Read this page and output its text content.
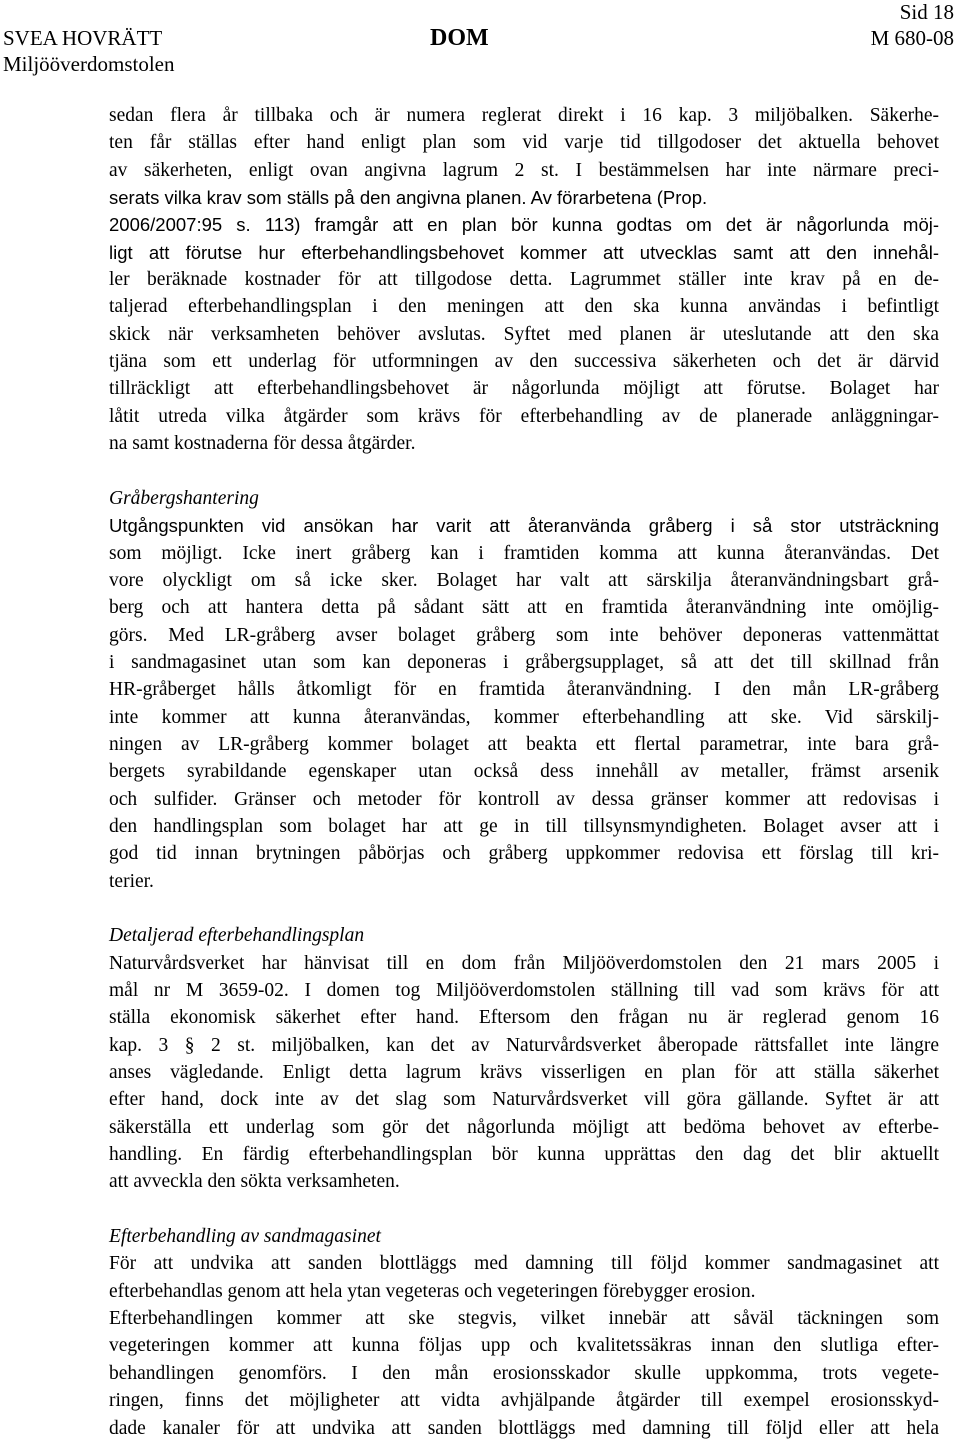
Sid 18
SVEA HOVRÄTT
Miljööverdomstolen
DOM	M 680-08
sedan flera år tillbaka och är numera reglerat direkt i 16 kap. 3 miljöbalken. Säkerhe-
ten får ställas efter hand enligt plan som vid varje tid tillgodoser det aktuella behovet
av säkerheten, enligt ovan angivna lagrum 2 st. I bestämmelsen har inte närmare preci-
serats vilka krav som ställs på den angivna planen. Av förarbetena (Prop.
2006/2007:95 s. 113) framgår att en plan bör kunna godtas om det är någorlunda möj-
ligt att förutse hur efterbehandlingsbehovet kommer att utvecklas samt att den innehål-
ler beräknade kostnader för att tillgodose detta. Lagrummet ställer inte krav på en de-
taljerad efterbehandlingsplan i den meningen att den ska kunna användas i befintligt
skick när verksamheten behöver avslutas. Syftet med planen är uteslutande att den ska
tjäna som ett underlag för utformningen av den successiva säkerheten och det är därvid
tillräckligt att efterbehandlingsbehovet är någorlunda möjligt att förutse. Bolaget har
låtit utreda vilka åtgärder som krävs för efterbehandling av de planerade anläggningar-
na samt kostnaderna för dessa åtgärder.
Gråbergshantering
Utgångspunkten vid ansökan har varit att återanvända gråberg i så stor utsträckning
som möjligt. Icke inert gråberg kan i framtiden komma att kunna återanvändas. Det
vore olyckligt om så icke sker. Bolaget har valt att särskilja återanvändningsbart grå-
berg och att hantera detta på sådant sätt att en framtida återanvändning inte omöjlig-
görs. Med LR-gråberg avser bolaget gråberg som inte behöver deponeras vattenmättat
i sandmagasinet utan som kan deponeras i gråbergsupplaget, så att det till skillnad från
HR-gråberget hålls åtkomligt för en framtida återanvändning. I den mån LR-gråberg
inte kommer att kunna återanvändas, kommer efterbehandling att ske. Vid särskilj-
ningen av LR-gråberg kommer bolaget att beakta ett flertal parametrar, inte bara grå-
bergets syrabildande egenskaper utan också dess innehåll av metaller, främst arsenik
och sulfider. Gränser och metoder för kontroll av dessa gränser kommer att redovisas i
den handlingsplan som bolaget har att ge in till tillsynsmyndigheten. Bolaget avser att i
god tid innan brytningen påbörjas och gråberg uppkommer redovisa ett förslag till kri-
terier.
Detaljerad efterbehandlingsplan
Naturvårdsverket har hänvisat till en dom från Miljööverdomstolen den 21 mars 2005 i
mål nr M 3659-02. I domen tog Miljööverdomstolen ställning till vad som krävs för att
ställa ekonomisk säkerhet efter hand. Eftersom den frågan nu är reglerad genom 16
kap. 3 § 2 st. miljöbalken, kan det av Naturvårdsverket åberopade rättsfallet inte längre
anses vägledande. Enligt detta lagrum krävs visserligen en plan för att ställa säkerhet
efter hand, dock inte av det slag som Naturvårdsverket vill göra gällande. Syftet är att
säkerställa ett underlag som gör det någorlunda möjligt att bedöma behovet av efterbe-
handling. En färdig efterbehandlingsplan bör kunna upprättas den dag det blir aktuellt
att avveckla den sökta verksamheten.
Efterbehandling av sandmagasinet
För att undvika att sanden blottläggs med damning till följd kommer sandmagasinet att
efterbehandlas genom att hela ytan vegeteras och vegeteringen förebygger erosion.
Efterbehandlingen kommer att ske stegvis, vilket innebär att såväl täckningen som
vegeteringen kommer att kunna följas upp och kvalitetssäkras innan den slutliga efter-
behandlingen genomförs. I den mån erosionsskador skulle uppkomma, trots vegete-
ringen, finns det möjligheter att vidta avhjälpande åtgärder till exempel erosionsskyd-
dade kanaler för att undvika att sanden blottläggs med damning till följd eller att hela
